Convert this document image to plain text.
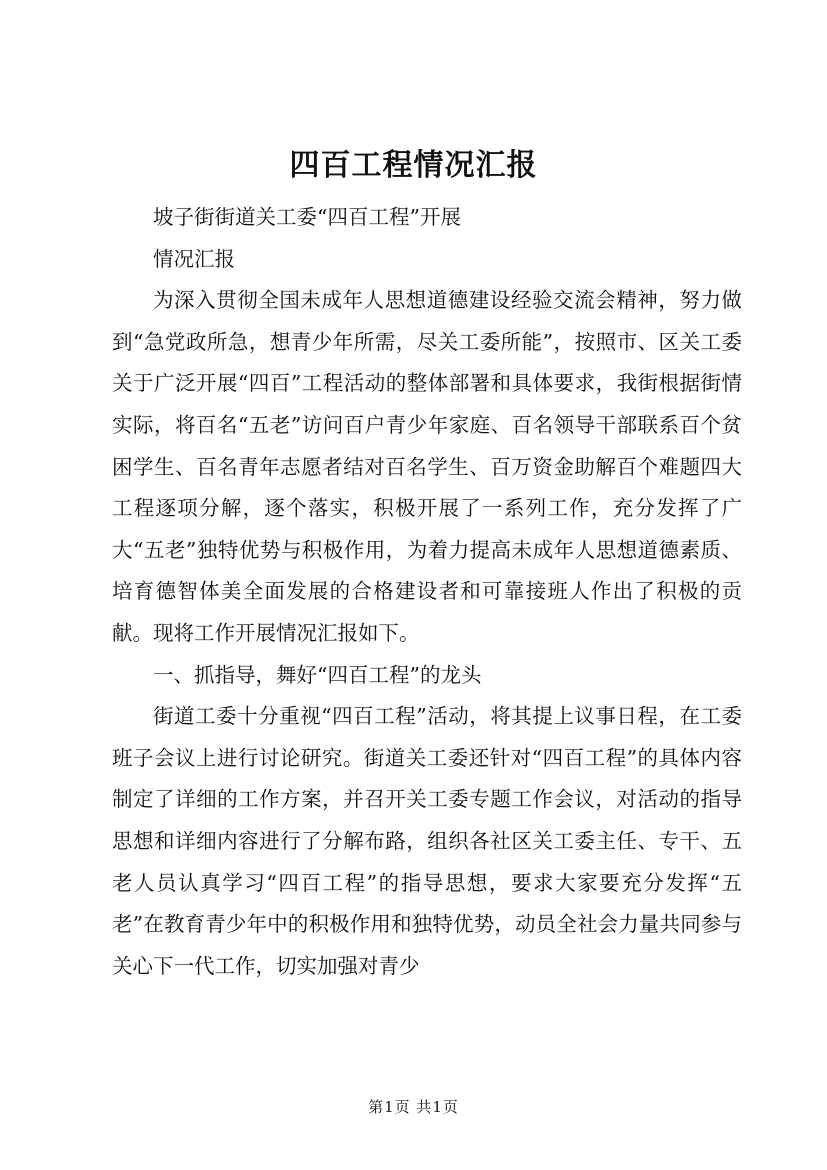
四百工程情况汇报

坡子街街道关工委“四百工程”开展

情况汇报

为深入贯彻全国未成年人思想道德建设经验交流会精神，努力做到“急党政所急，想青少年所需，尽关工委所能”，按照市、区关工委关于广泛开展“四百”工程活动的整体部署和具体要求，我街根据街情实际，将百名“五老”访问百户青少年家庭、百名领导干部联系百个贫困学生、百名青年志愿者结对百名学生、百万资金助解百个难题四大工程逐项分解，逐个落实，积极开展了一系列工作，充分发挥了广大“五老”独特优势与积极作用，为着力提高未成年人思想道德素质、培育德智体美全面发展的合格建设者和可靠接班人作出了积极的贡献。现将工作开展情况汇报如下。

一、抓指导，舞好“四百工程”的龙头

街道工委十分重视“四百工程”活动，将其提上议事日程，在工委班子会议上进行讨论研究。街道关工委还针对“四百工程”的具体内容制定了详细的工作方案，并召开关工委专题工作会议，对活动的指导思想和详细内容进行了分解布路，组织各社区关工委主任、专干、五老人员认真学习“四百工程”的指导思想，要求大家要充分发挥“五老”在教育青少年中的积极作用和独特优势，动员全社会力量共同参与关心下一代工作，切实加强对青少

第1页 共1页
